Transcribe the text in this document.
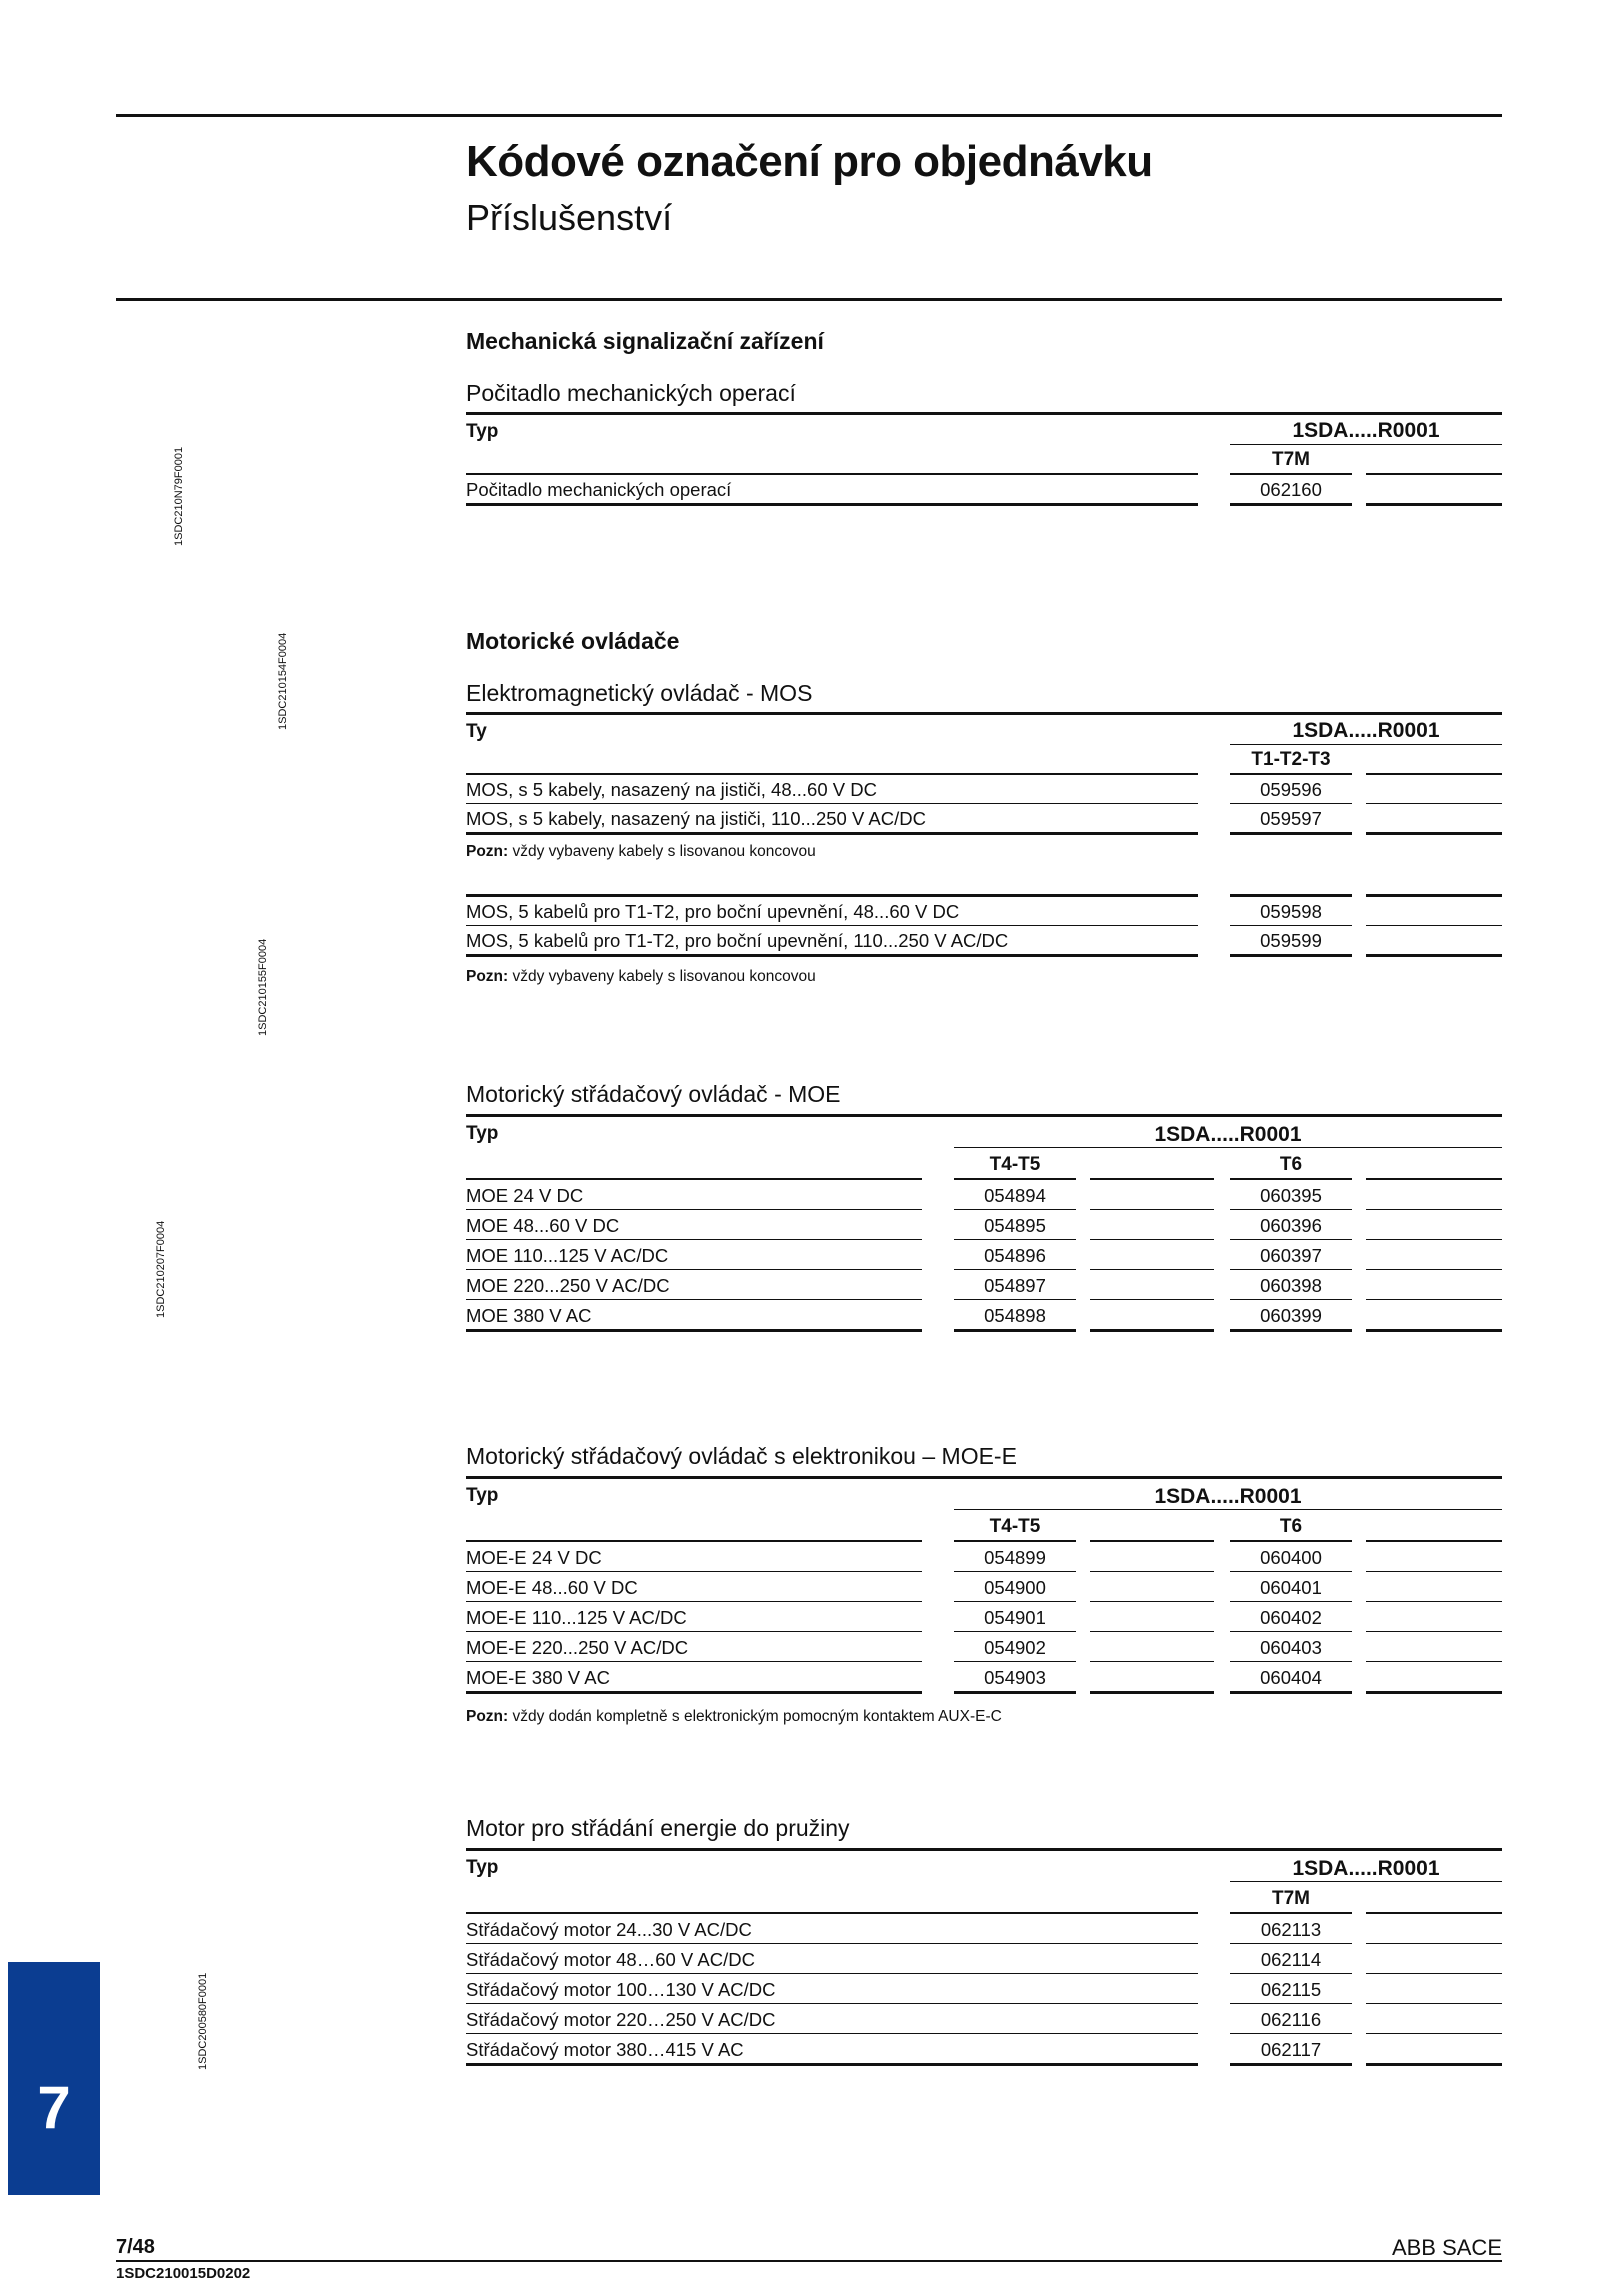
Kódové označení pro objednávku
Příslušenství
1SDC210N79F0001
1SDC210154F0004
1SDC210155F0004
1SDC210207F0004
1SDC200580F0001
Mechanická signalizační zařízení
Počitadlo mechanických operací
Typ	1SDA.....R0001
T7M
Počitadlo mechanických operací	062160
Motorické ovládače
Elektromagnetický ovládač - MOS
Ty	1SDA.....R0001
T1-T2-T3
MOS, s 5 kabely, nasazený na jističi, 48...60 V DC	059596
MOS, s 5 kabely, nasazený na jističi, 110...250 V AC/DC	059597
Pozn: vždy vybaveny kabely s lisovanou koncovou
MOS, 5 kabelů pro T1-T2, pro boční upevnění, 48...60 V DC	059598
MOS, 5 kabelů pro T1-T2, pro boční upevnění, 110...250 V AC/DC	059599
Pozn: vždy vybaveny kabely s lisovanou koncovou
Motorický střádačový ovládač - MOE
Typ	1SDA.....R0001
T4-T5	T6
MOE 24 V DC	054894	060395
MOE 48...60 V DC	054895	060396
MOE 110...125 V AC/DC	054896	060397
MOE 220...250 V AC/DC	054897	060398
MOE 380 V AC	054898	060399
Motorický střádačový ovládač s elektronikou – MOE-E
Typ	1SDA.....R0001
T4-T5	T6
MOE-E 24 V DC	054899	060400
MOE-E 48...60 V DC	054900	060401
MOE-E 110...125 V AC/DC	054901	060402
MOE-E 220...250 V AC/DC	054902	060403
MOE-E 380 V AC	054903	060404
Pozn: vždy dodán kompletně s elektronickým pomocným kontaktem AUX-E-C
Motor pro střádání energie do pružiny
Typ	1SDA.....R0001
T7M
Střádačový motor 24...30 V AC/DC	062113
Střádačový motor 48…60 V AC/DC	062114
Střádačový motor 100…130 V AC/DC	062115
Střádačový motor 220…250 V AC/DC	062116
Střádačový motor 380…415 V AC	062117
7
7/48	ABB SACE
1SDC210015D0202
